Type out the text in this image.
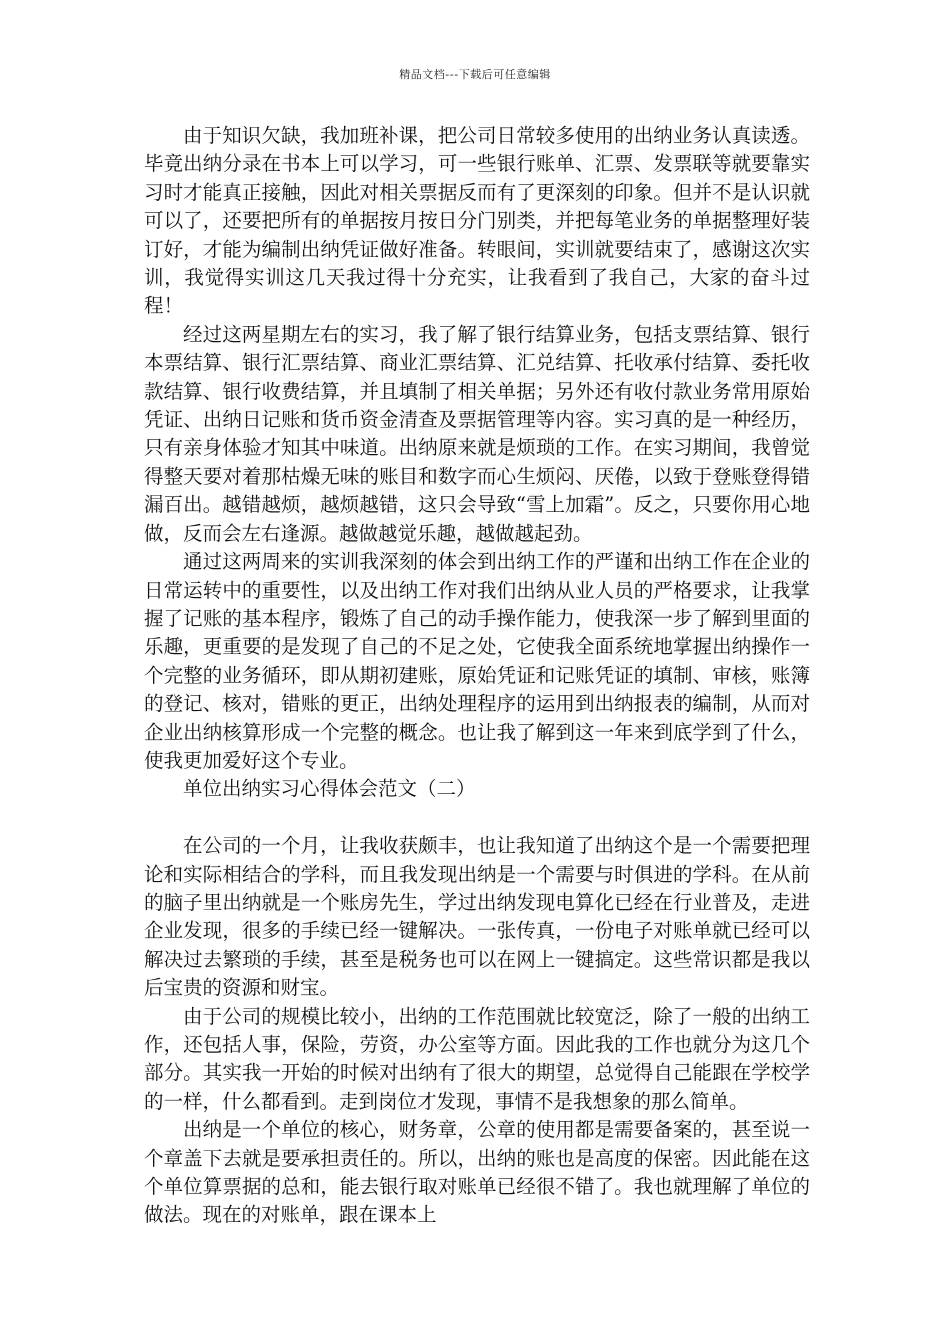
精品文档---下载后可任意编辑

由于知识欠缺，我加班补课，把公司日常较多使用的出纳业务认真读透。毕竟出纳分录在书本上可以学习，可一些银行账单、汇票、发票联等就要靠实习时才能真正接触，因此对相关票据反而有了更深刻的印象。但并不是认识就可以了，还要把所有的单据按月按日分门别类，并把每笔业务的单据整理好装订好，才能为编制出纳凭证做好准备。转眼间，实训就要结束了，感谢这次实训，我觉得实训这几天我过得十分充实，让我看到了我自己，大家的奋斗过程！

经过这两星期左右的实习，我了解了银行结算业务，包括支票结算、银行本票结算、银行汇票结算、商业汇票结算、汇兑结算、托收承付结算、委托收款结算、银行收费结算，并且填制了相关单据；另外还有收付款业务常用原始凭证、出纳日记账和货币资金清查及票据管理等内容。实习真的是一种经历，只有亲身体验才知其中味道。出纳原来就是烦琐的工作。在实习期间，我曾觉得整天要对着那枯燥无味的账目和数字而心生烦闷、厌倦，以致于登账登得错漏百出。越错越烦，越烦越错，这只会导致“雪上加霜”。反之，只要你用心地做，反而会左右逢源。越做越觉乐趣，越做越起劲。

通过这两周来的实训我深刻的体会到出纳工作的严谨和出纳工作在企业的日常运转中的重要性，以及出纳工作对我们出纳从业人员的严格要求，让我掌握了记账的基本程序，锻炼了自己的动手操作能力，使我深一步了解到里面的乐趣，更重要的是发现了自己的不足之处，它使我全面系统地掌握出纳操作一个完整的业务循环，即从期初建账，原始凭证和记账凭证的填制、审核，账簿的登记、核对，错账的更正，出纳处理程序的运用到出纳报表的编制，从而对企业出纳核算形成一个完整的概念。也让我了解到这一年来到底学到了什么，使我更加爱好这个专业。

单位出纳实习心得体会范文（二）

在公司的一个月，让我收获颇丰，也让我知道了出纳这个是一个需要把理论和实际相结合的学科，而且我发现出纳是一个需要与时俱进的学科。在从前的脑子里出纳就是一个账房先生，学过出纳发现电算化已经在行业普及，走进企业发现，很多的手续已经一键解决。一张传真，一份电子对账单就已经可以解决过去繁琐的手续，甚至是税务也可以在网上一键搞定。这些常识都是我以后宝贵的资源和财宝。

由于公司的规模比较小，出纳的工作范围就比较宽泛，除了一般的出纳工作，还包括人事，保险，劳资，办公室等方面。因此我的工作也就分为这几个部分。其实我一开始的时候对出纳有了很大的期望，总觉得自己能跟在学校学的一样，什么都看到。走到岗位才发现，事情不是我想象的那么简单。

出纳是一个单位的核心，财务章，公章的使用都是需要备案的，甚至说一个章盖下去就是要承担责任的。所以，出纳的账也是高度的保密。因此能在这个单位算票据的总和，能去银行取对账单已经很不错了。我也就理解了单位的做法。现在的对账单，跟在课本上
